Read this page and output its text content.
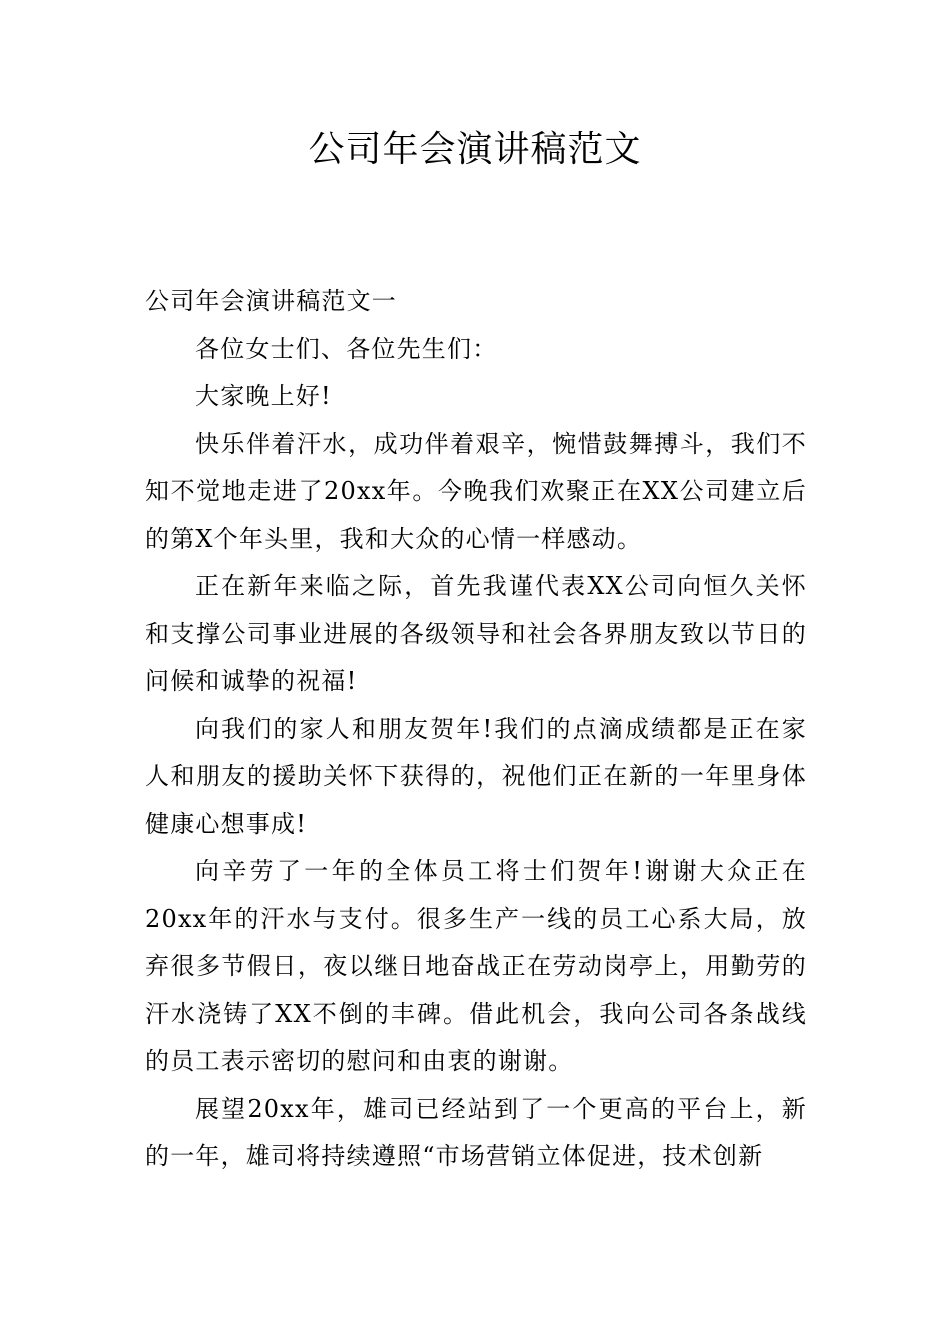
公司年会演讲稿范文

公司年会演讲稿范文一

各位女士们、各位先生们：

大家晚上好!

快乐伴着汗水，成功伴着艰辛，惋惜鼓舞搏斗，我们不知不觉地走进了20xx年。今晚我们欢聚正在XX公司建立后的第X个年头里，我和大众的心情一样感动。

正在新年来临之际，首先我谨代表XX公司向恒久关怀和支撑公司事业进展的各级领导和社会各界朋友致以节日的问候和诚挚的祝福!

向我们的家人和朋友贺年!我们的点滴成绩都是正在家人和朋友的援助关怀下获得的，祝他们正在新的一年里身体健康心想事成!

向辛劳了一年的全体员工将士们贺年!谢谢大众正在20xx年的汗水与支付。很多生产一线的员工心系大局，放弃很多节假日，夜以继日地奋战正在劳动岗亭上，用勤劳的汗水浇铸了XX不倒的丰碑。借此机会，我向公司各条战线的员工表示密切的慰问和由衷的谢谢。

展望20xx年，雄司已经站到了一个更高的平台上，新的一年，雄司将持续遵照“市场营销立体促进，技术创新
